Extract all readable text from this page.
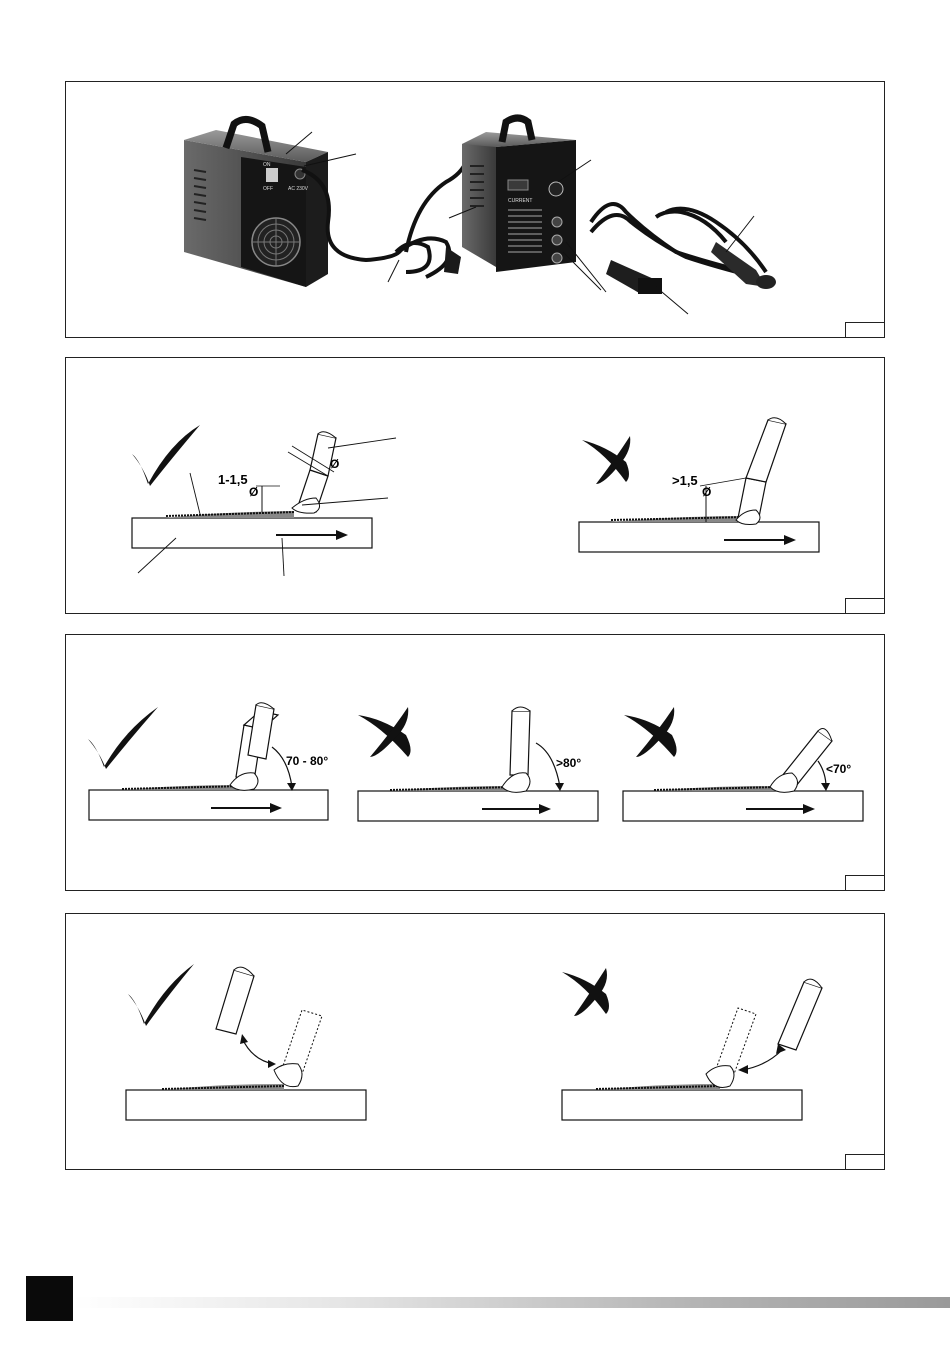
ON
OFF	AC 230V
CURRENT
1-1,5
Ø
Ø
>1,5
Ø
70 - 80°	>80°	<70°
